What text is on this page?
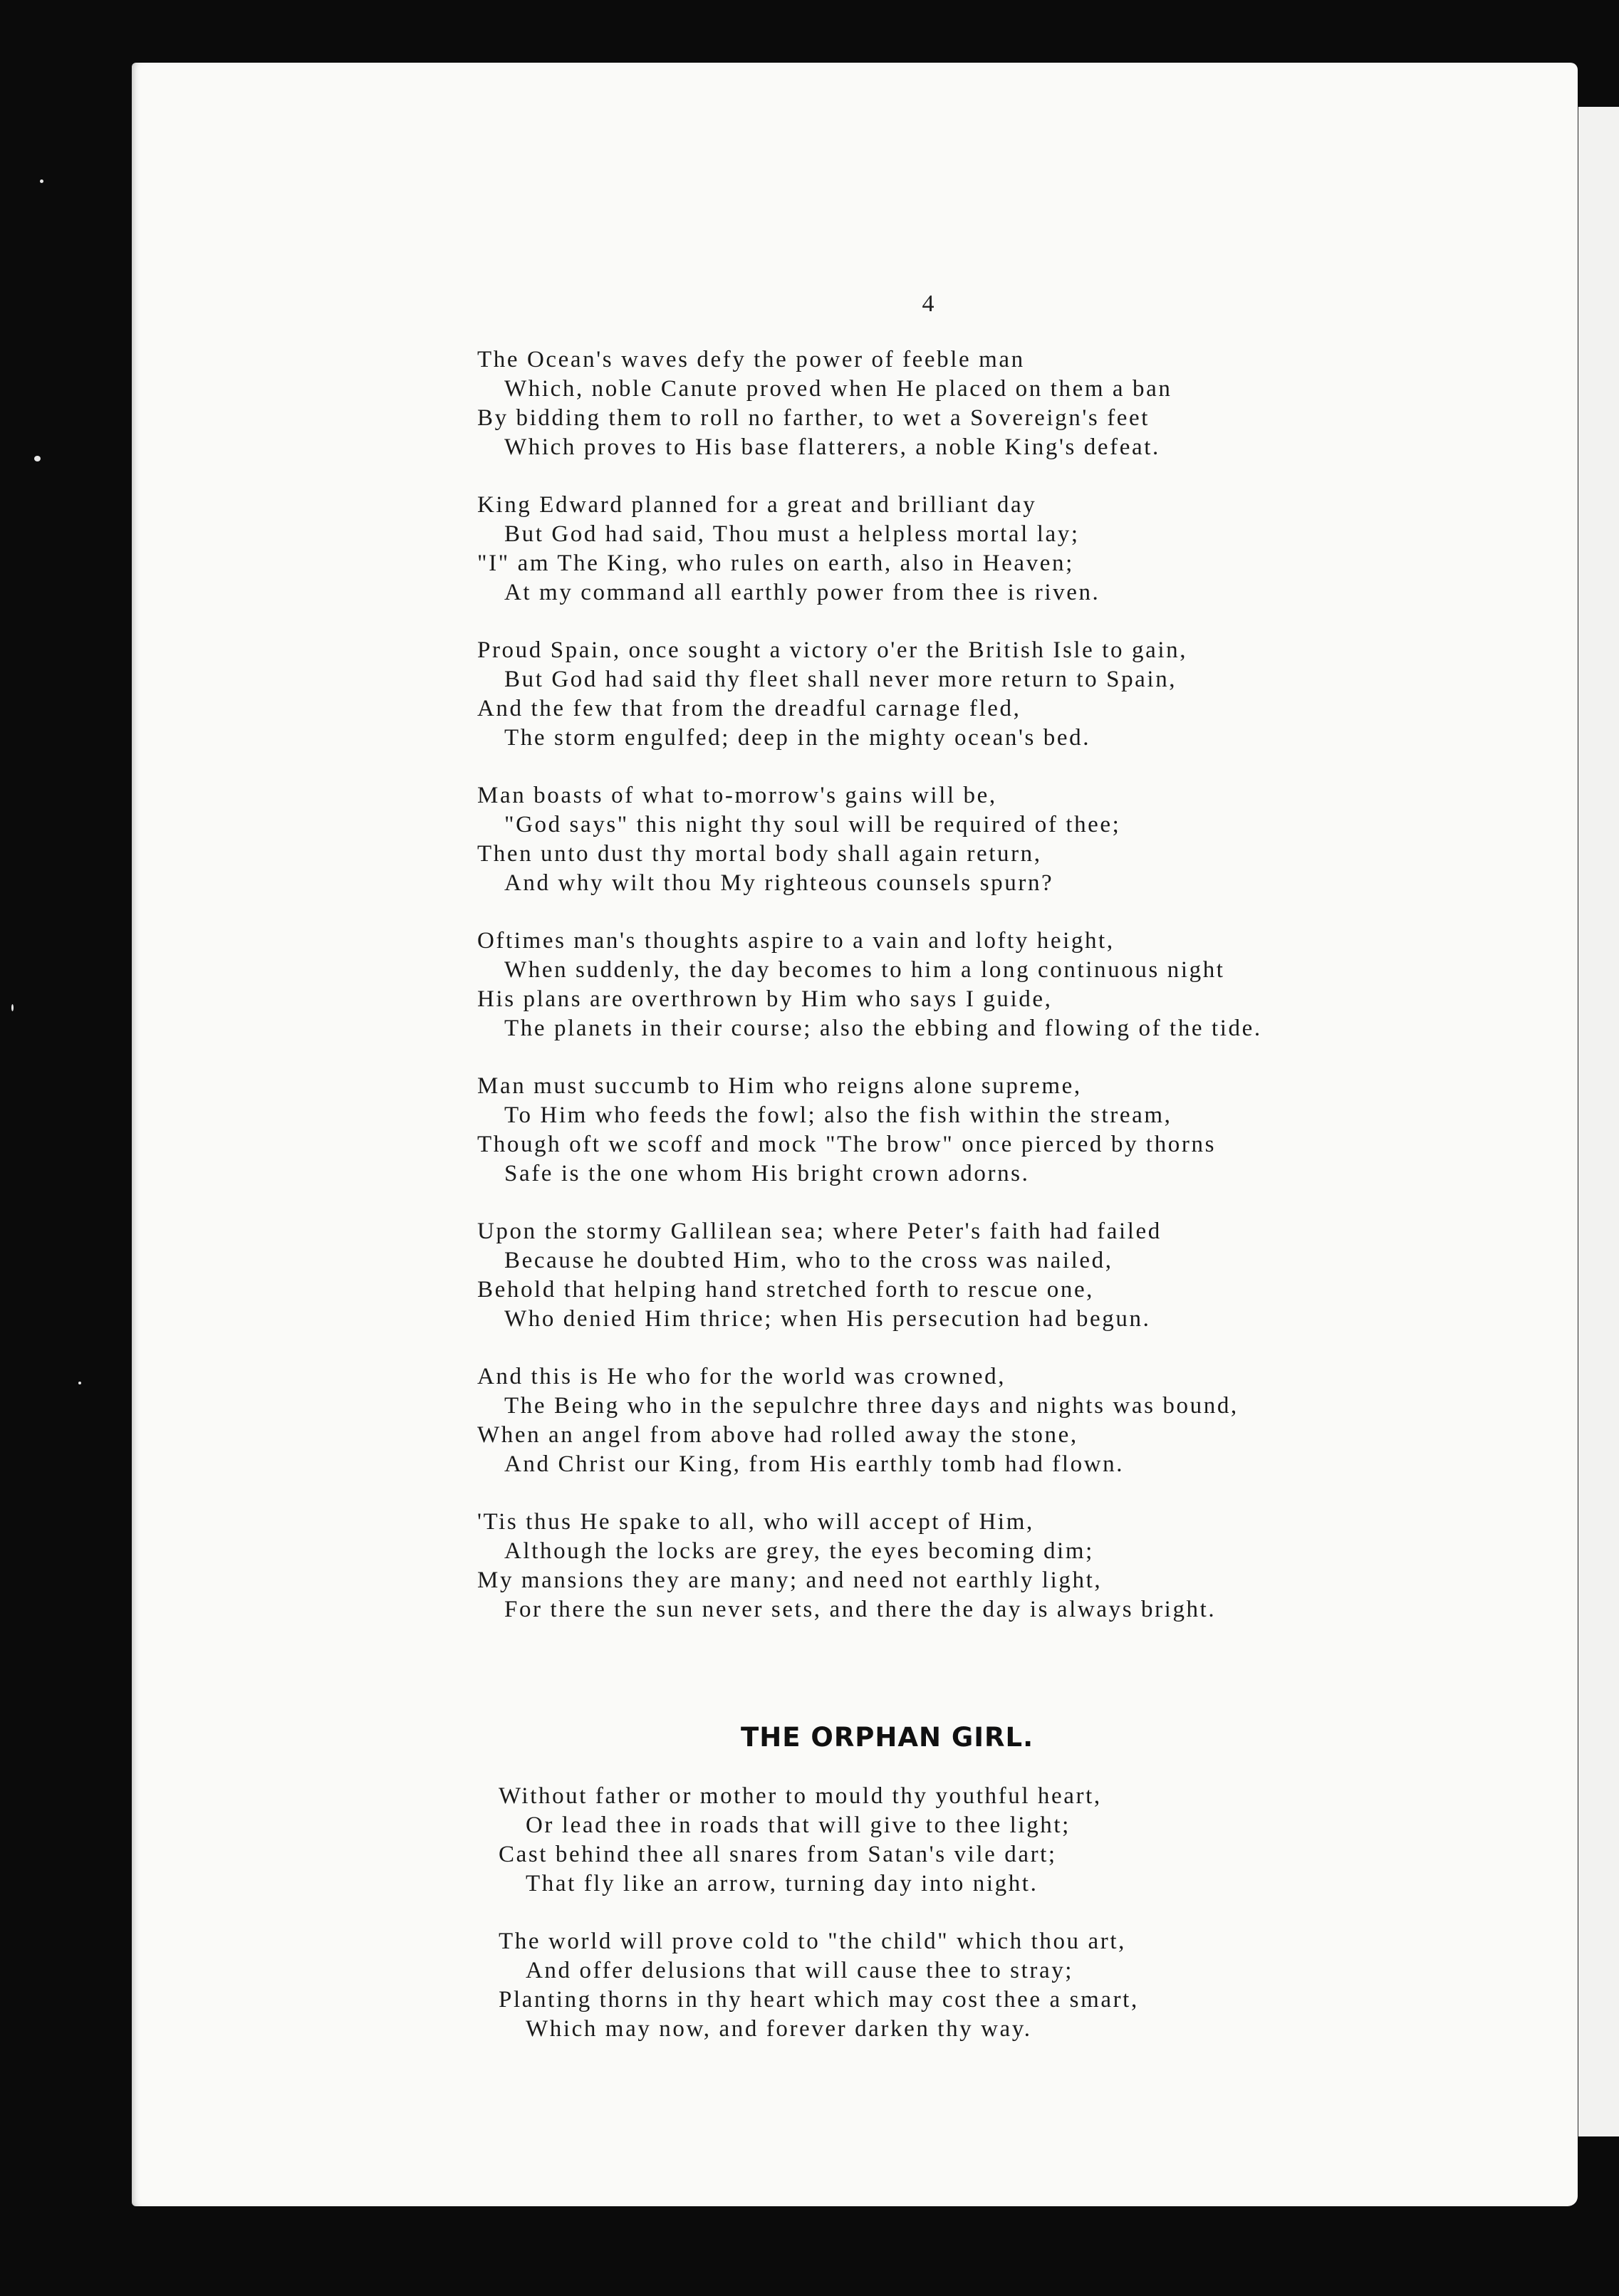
4
The Ocean's waves defy the power of feeble man
Which, noble Canute proved when He placed on them a ban
By bidding them to roll no farther, to wet a Sovereign's feet
Which proves to His base flatterers, a noble King's defeat.
King Edward planned for a great and brilliant day
But God had said, Thou must a helpless mortal lay;
"I" am The King, who rules on earth, also in Heaven;
At my command all earthly power from thee is riven.
Proud Spain, once sought a victory o'er the British Isle to gain,
But God had said thy fleet shall never more return to Spain,
And the few that from the dreadful carnage fled,
The storm engulfed; deep in the mighty ocean's bed.
Man boasts of what to-morrow's gains will be,
"God says" this night thy soul will be required of thee;
Then unto dust thy mortal body shall again return,
And why wilt thou My righteous counsels spurn?
Oftimes man's thoughts aspire to a vain and lofty height,
When suddenly, the day becomes to him a long continuous night
His plans are overthrown by Him who says I guide,
The planets in their course; also the ebbing and flowing of the tide.
Man must succumb to Him who reigns alone supreme,
To Him who feeds the fowl; also the fish within the stream,
Though oft we scoff and mock "The brow" once pierced by thorns
Safe is the one whom His bright crown adorns.
Upon the stormy Gallilean sea; where Peter's faith had failed
Because he doubted Him, who to the cross was nailed,
Behold that helping hand stretched forth to rescue one,
Who denied Him thrice; when His persecution had begun.
And this is He who for the world was crowned,
The Being who in the sepulchre three days and nights was bound,
When an angel from above had rolled away the stone,
And Christ our King, from His earthly tomb had flown.
'Tis thus He spake to all, who will accept of Him,
Although the locks are grey, the eyes becoming dim;
My mansions they are many; and need not earthly light,
For there the sun never sets, and there the day is always bright.
THE ORPHAN GIRL.
Without father or mother to mould thy youthful heart,
Or lead thee in roads that will give to thee light;
Cast behind thee all snares from Satan's vile dart;
That fly like an arrow, turning day into night.
The world will prove cold to "the child" which thou art,
And offer delusions that will cause thee to stray;
Planting thorns in thy heart which may cost thee a smart,
Which may now, and forever darken thy way.
